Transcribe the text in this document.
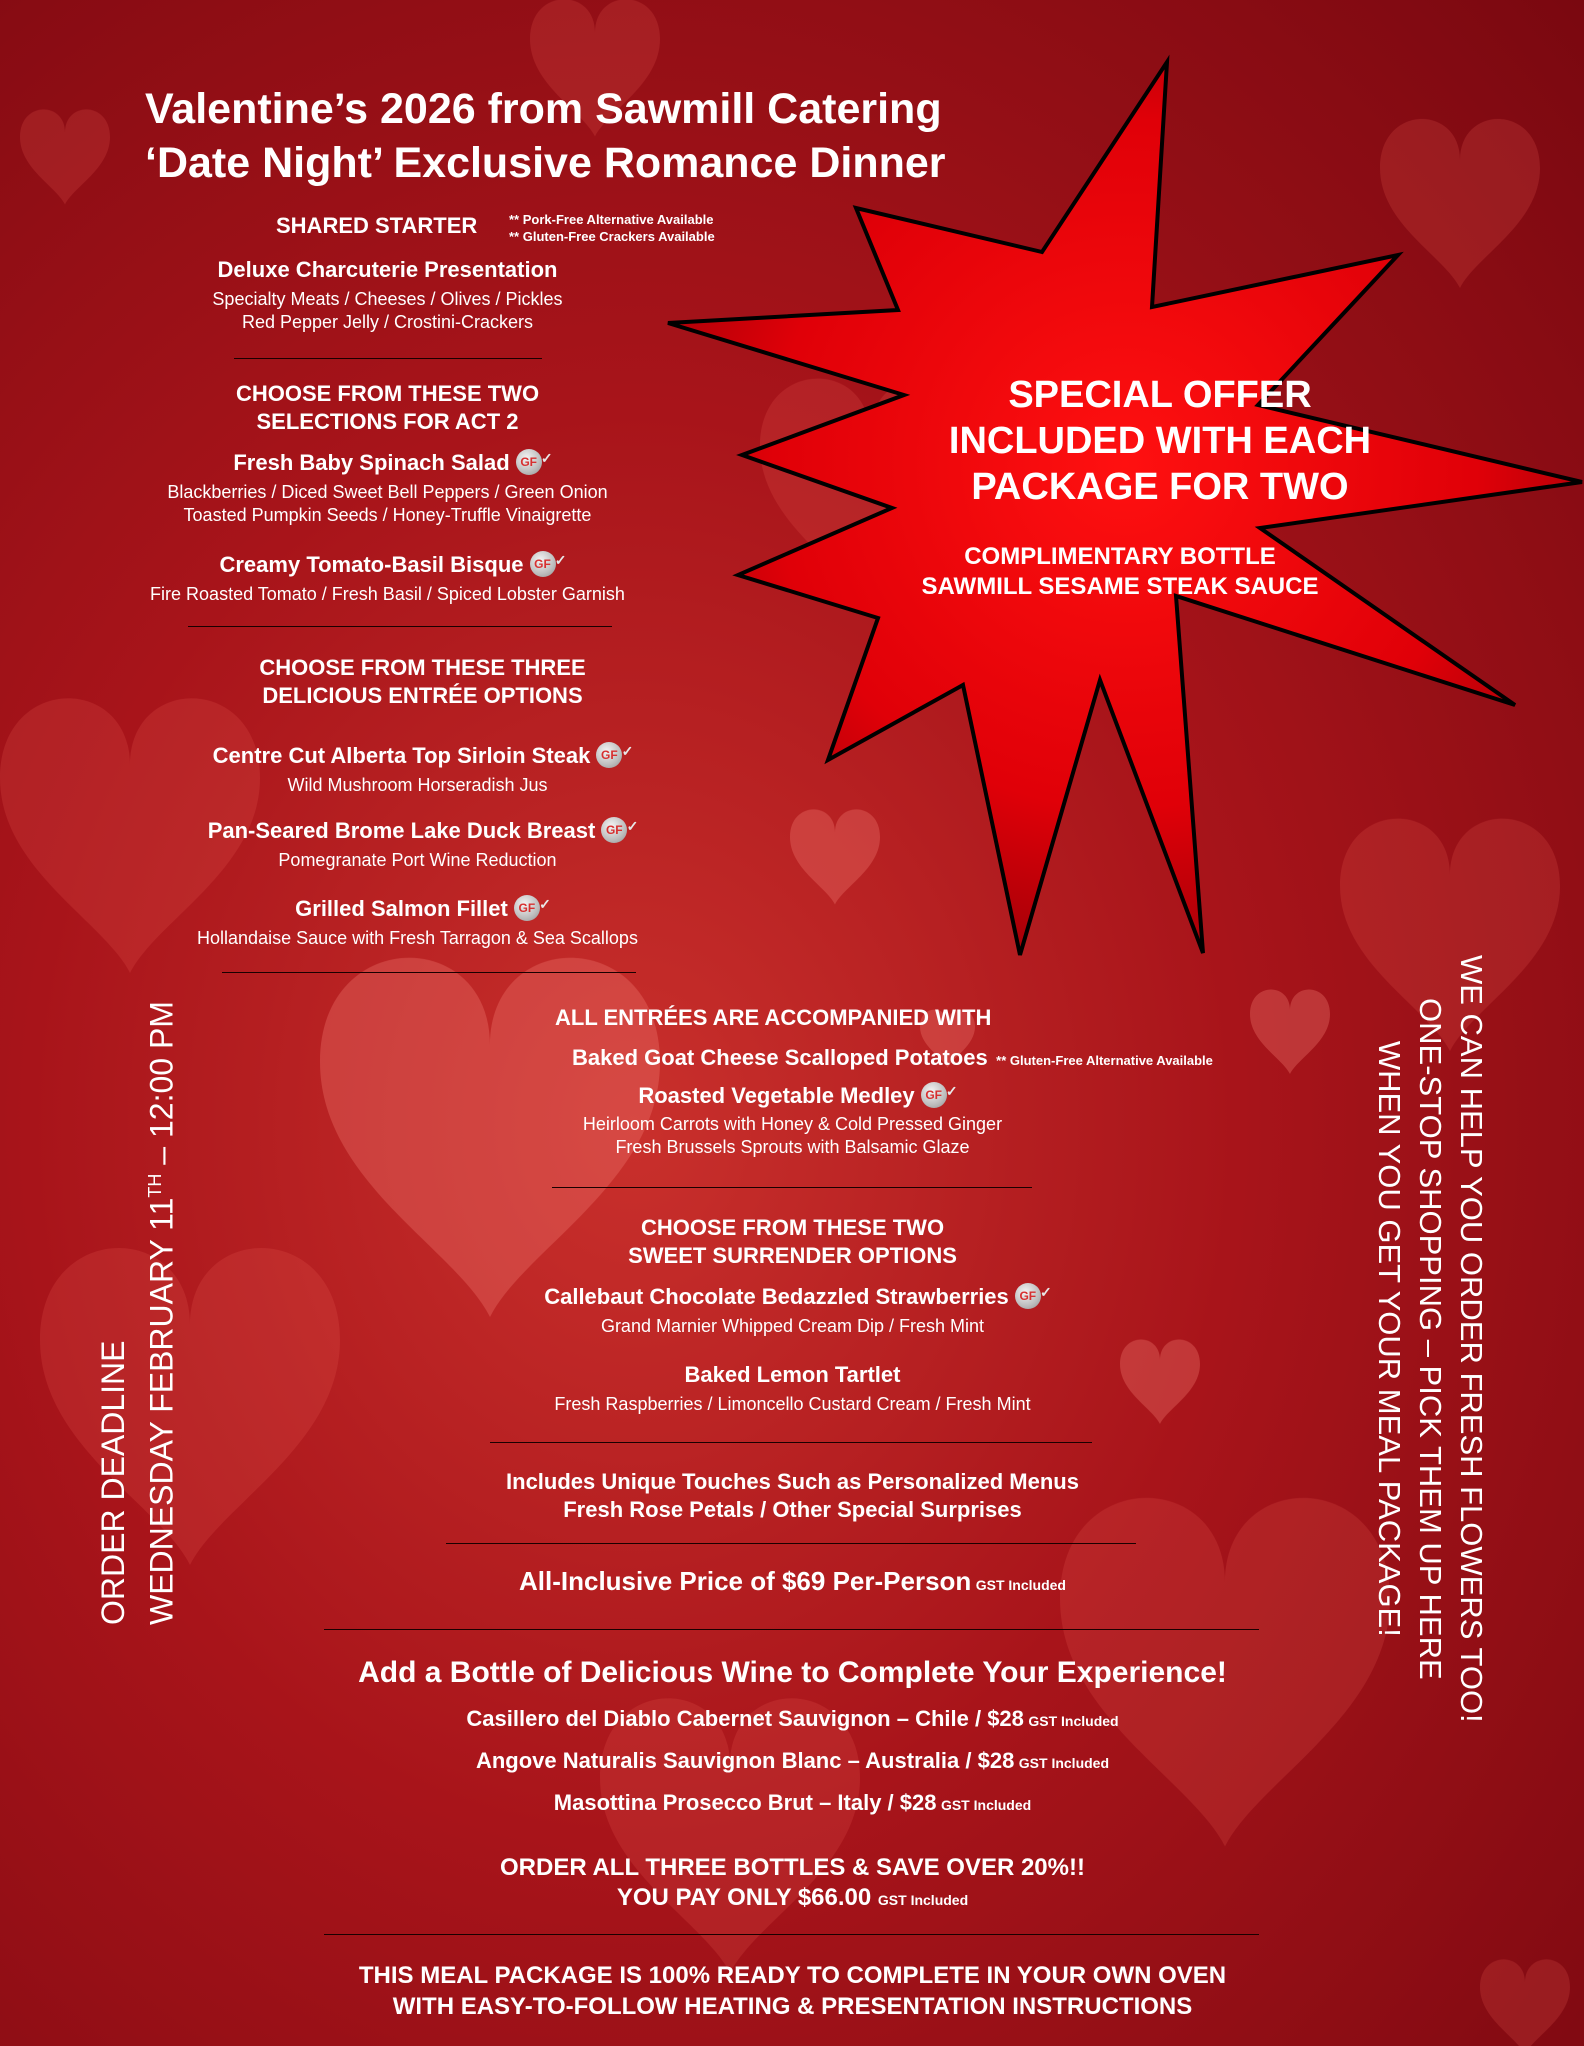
SPECIAL OFFER
INCLUDED WITH EACH
PACKAGE FOR TWO
COMPLIMENTARY BOTTLE
SAWMILL SESAME STEAK SAUCE
Valentine’s 2026 from Sawmill Catering
‘Date Night’ Exclusive Romance Dinner
SHARED STARTER ** Pork-Free Alternative Available
** Gluten-Free Crackers Available
Deluxe Charcuterie Presentation
Specialty Meats / Cheeses / Olives / Pickles
Red Pepper Jelly / Crostini-Crackers
CHOOSE FROM THESE TWO
SELECTIONS FOR ACT 2
Fresh Baby Spinach Salad GF ✓
Blackberries / Diced Sweet Bell Peppers / Green Onion
Toasted Pumpkin Seeds / Honey-Truffle Vinaigrette
Creamy Tomato-Basil Bisque GF ✓
Fire Roasted Tomato / Fresh Basil / Spiced Lobster Garnish
CHOOSE FROM THESE THREE
DELICIOUS ENTRÉE OPTIONS
Centre Cut Alberta Top Sirloin Steak GF ✓
Wild Mushroom Horseradish Jus
Pan-Seared Brome Lake Duck Breast GF ✓
Pomegranate Port Wine Reduction
Grilled Salmon Fillet GF ✓
Hollandaise Sauce with Fresh Tarragon & Sea Scallops
ALL ENTRÉES ARE ACCOMPANIED WITH
Baked Goat Cheese Scalloped Potatoes ** Gluten-Free Alternative Available
Roasted Vegetable Medley GF ✓
Heirloom Carrots with Honey & Cold Pressed Ginger
Fresh Brussels Sprouts with Balsamic Glaze
CHOOSE FROM THESE TWO
SWEET SURRENDER OPTIONS
Callebaut Chocolate Bedazzled Strawberries GF ✓
Grand Marnier Whipped Cream Dip / Fresh Mint
Baked Lemon Tartlet
Fresh Raspberries / Limoncello Custard Cream / Fresh Mint
Includes Unique Touches Such as Personalized Menus
Fresh Rose Petals / Other Special Surprises
All-Inclusive Price of $69 Per-Person GST Included
Add a Bottle of Delicious Wine to Complete Your Experience!
Casillero del Diablo Cabernet Sauvignon – Chile / $28 GST Included
Angove Naturalis Sauvignon Blanc – Australia / $28 GST Included
Masottina Prosecco Brut – Italy / $28 GST Included
ORDER ALL THREE BOTTLES & SAVE OVER 20%!!
YOU PAY ONLY $66.00 GST Included
THIS MEAL PACKAGE IS 100% READY TO COMPLETE IN YOUR OWN OVEN
WITH EASY-TO-FOLLOW HEATING & PRESENTATION INSTRUCTIONS
ORDER DEADLINE WEDNESDAY FEBRUARY 11TH – 12:00 PM	WE CAN HELP YOU ORDER FRESH FLOWERS TOO!
ONE-STOP SHOPPING – PICK THEM UP HERE
WHEN YOU GET YOUR MEAL PACKAGE!
